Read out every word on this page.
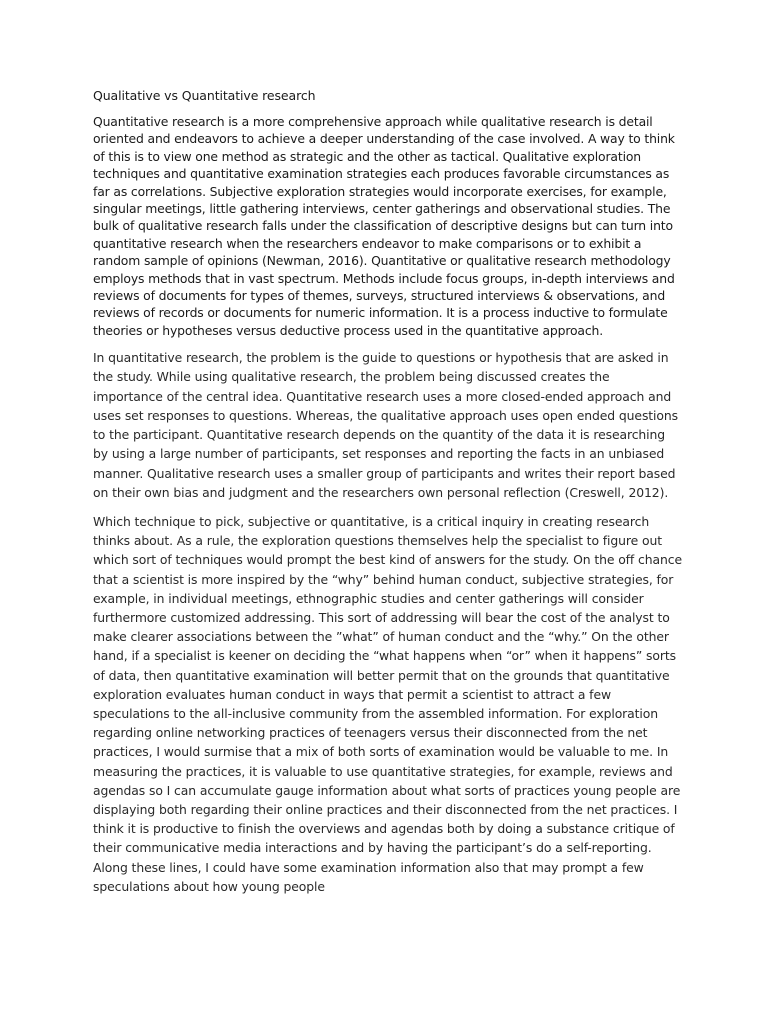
Qualitative vs Quantitative research

Quantitative research is a more comprehensive approach while qualitative research is detail oriented and endeavors to achieve a deeper understanding of the case involved. A way to think of this is to view one method as strategic and the other as tactical. Qualitative exploration techniques and quantitative examination strategies each produces favorable circumstances as far as correlations. Subjective exploration strategies would incorporate exercises, for example, singular meetings, little gathering interviews, center gatherings and observational studies. The bulk of qualitative research falls under the classification of descriptive designs but can turn into quantitative research when the researchers endeavor to make comparisons or to exhibit a random sample of opinions (Newman, 2016). Quantitative or qualitative research methodology employs methods that in vast spectrum. Methods include focus groups, in-depth interviews and reviews of documents for types of themes, surveys, structured interviews & observations, and reviews of records or documents for numeric information. It is a process inductive to formulate theories or hypotheses versus deductive process used in the quantitative approach.

In quantitative research, the problem is the guide to questions or hypothesis that are asked in the study. While using qualitative research, the problem being discussed creates the importance of the central idea. Quantitative research uses a more closed-ended approach and uses set responses to questions. Whereas, the qualitative approach uses open ended questions to the participant. Quantitative research depends on the quantity of the data it is researching by using a large number of participants, set responses and reporting the facts in an unbiased manner. Qualitative research uses a smaller group of participants and writes their report based on their own bias and judgment and the researchers own personal reflection (Creswell, 2012).

Which technique to pick, subjective or quantitative, is a critical inquiry in creating research thinks about. As a rule, the exploration questions themselves help the specialist to figure out which sort of techniques would prompt the best kind of answers for the study. On the off chance that a scientist is more inspired by the “why” behind human conduct, subjective strategies, for example, in individual meetings, ethnographic studies and center gatherings will consider furthermore customized addressing. This sort of addressing will bear the cost of the analyst to make clearer associations between the ”what” of human conduct and the “why.” On the other hand, if a specialist is keener on deciding the “what happens when “or” when it happens” sorts of data, then quantitative examination will better permit that on the grounds that quantitative exploration evaluates human conduct in ways that permit a scientist to attract a few speculations to the all-inclusive community from the assembled information. For exploration regarding online networking practices of teenagers versus their disconnected from the net practices, I would surmise that a mix of both sorts of examination would be valuable to me. In measuring the practices, it is valuable to use quantitative strategies, for example, reviews and agendas so I can accumulate gauge information about what sorts of practices young people are displaying both regarding their online practices and their disconnected from the net practices. I think it is productive to finish the overviews and agendas both by doing a substance critique of their communicative media interactions and by having the participant’s do a self-reporting. Along these lines, I could have some examination information also that may prompt a few speculations about how young people
